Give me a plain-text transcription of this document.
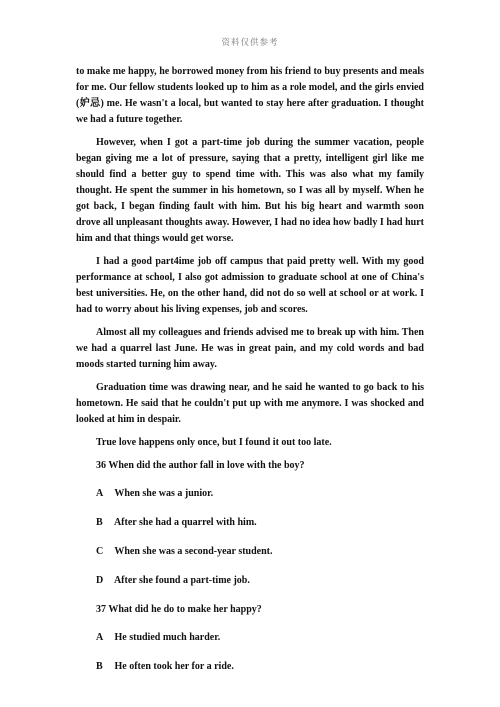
资料仅供参考

to make me happy, he borrowed money from his friend to buy presents and meals for me. Our fellow students looked up to him as a role model, and the girls envied (妒忌) me. He wasn't a local, but wanted to stay here after graduation. I thought we had a future together.

However, when I got a part-time job during the summer vacation, people began giving me a lot of pressure, saying that a pretty, intelligent girl like me should find a better guy to spend time with. This was also what my family thought. He spent the summer in his hometown, so I was all by myself. When he got back, I began finding fault with him. But his big heart and warmth soon drove all unpleasant thoughts away. However, I had no idea how badly I had hurt him and that things would get worse.

I had a good part4ime job off campus that paid pretty well. With my good performance at school, I also got admission to graduate school at one of China's best universities. He, on the other hand, did not do so well at school or at work. I had to worry about his living expenses, job and scores.

Almost all my colleagues and friends advised me to break up with him. Then we had a quarrel last June. He was in great pain, and my cold words and bad moods started turning him away.

Graduation time was drawing near, and he said he wanted to go back to his hometown. He said that he couldn't put up with me anymore. I was shocked and looked at him in despair.

True love happens only once, but I found it out too late.

36 When did the author fall in love with the boy?
A When she was a junior.
B After she had a quarrel with him.
C When she was a second-year student.
D After she found a part-time job.
37 What did he do to make her happy?
A He studied much harder.
B He often took her for a ride.
